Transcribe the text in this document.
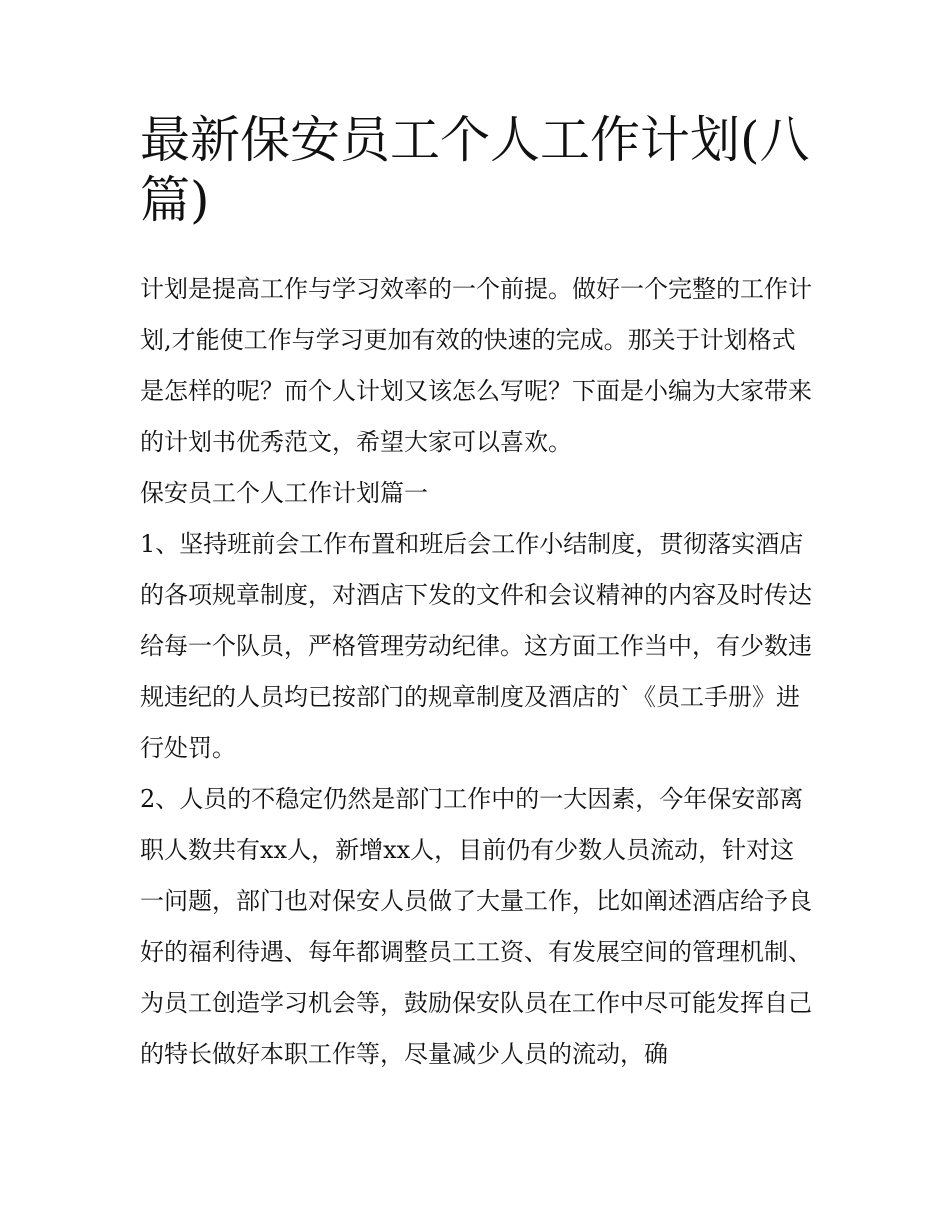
最新保安员工个人工作计划(八篇)

计划是提高工作与学习效率的一个前提。做好一个完整的工作计划,才能使工作与学习更加有效的快速的完成。那关于计划格式是怎样的呢？而个人计划又该怎么写呢？下面是小编为大家带来的计划书优秀范文，希望大家可以喜欢。

保安员工个人工作计划篇一

1、坚持班前会工作布置和班后会工作小结制度，贯彻落实酒店的各项规章制度，对酒店下发的文件和会议精神的内容及时传达给每一个队员，严格管理劳动纪律。这方面工作当中，有少数违规违纪的人员均已按部门的规章制度及酒店的`《员工手册》进行处罚。

2、人员的不稳定仍然是部门工作中的一大因素，今年保安部离职人数共有xx人，新增xx人，目前仍有少数人员流动，针对这一问题，部门也对保安人员做了大量工作，比如阐述酒店给予良好的福利待遇、每年都调整员工工资、有发展空间的管理机制、为员工创造学习机会等，鼓励保安队员在工作中尽可能发挥自己的特长做好本职工作等，尽量减少人员的流动，确
